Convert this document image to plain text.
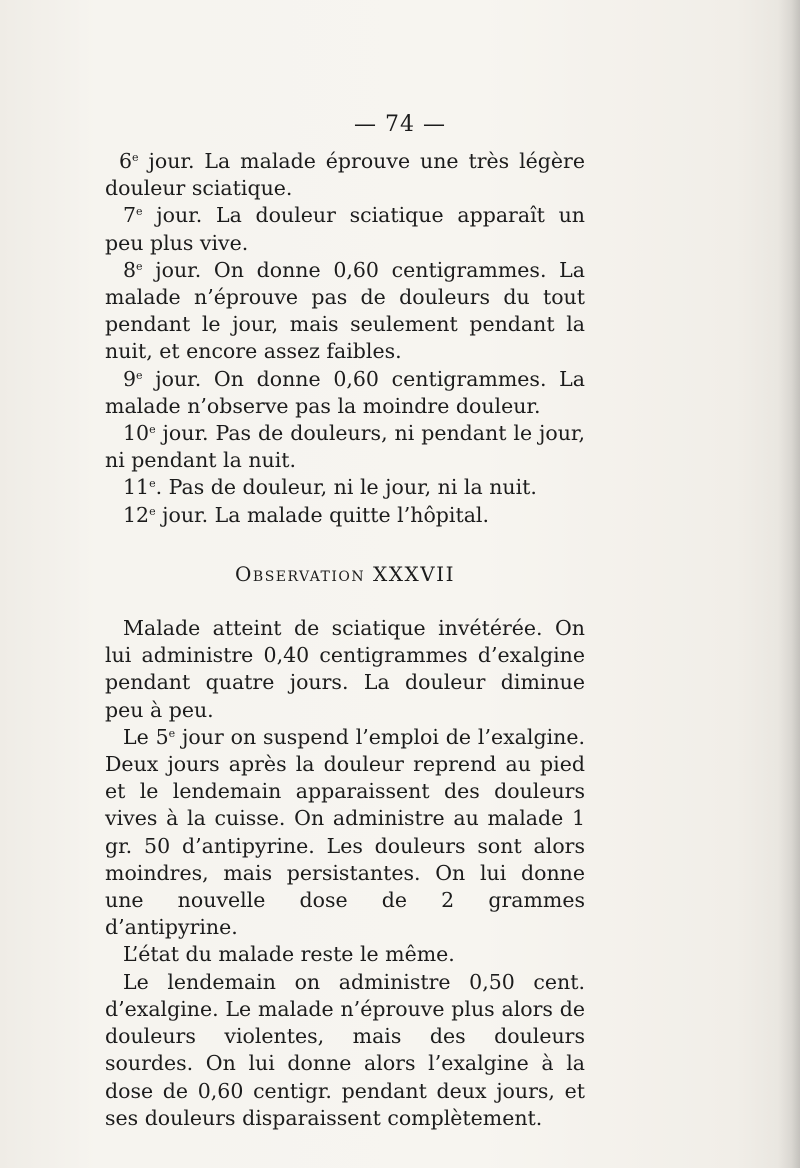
— 74 —

6e jour. La malade éprouve une très légère douleur sciatique.

7e jour. La douleur sciatique apparaît un peu plus vive.

8e jour. On donne 0,60 centigrammes. La malade n’éprouve pas de douleurs du tout pendant le jour, mais seulement pendant la nuit, et encore assez faibles.

9e jour. On donne 0,60 centigrammes. La malade n’observe pas la moindre douleur.

10e jour. Pas de douleurs, ni pendant le jour, ni pendant la nuit.

11e. Pas de douleur, ni le jour, ni la nuit.

12e jour. La malade quitte l’hôpital.

Observation XXXVII

Malade atteint de sciatique invétérée. On lui administre 0,40 centigrammes d’exalgine pendant quatre jours. La douleur diminue peu à peu.

Le 5e jour on suspend l’emploi de l’exalgine. Deux jours après la douleur reprend au pied et le lendemain apparaissent des douleurs vives à la cuisse. On administre au malade 1 gr. 50 d’antipyrine. Les douleurs sont alors moindres, mais persistantes. On lui donne une nouvelle dose de 2 grammes d’antipyrine.

L’état du malade reste le même.

Le lendemain on administre 0,50 cent. d’exalgine. Le malade n’éprouve plus alors de douleurs violentes, mais des douleurs sourdes. On lui donne alors l’exalgine à la dose de 0,60 centigr. pendant deux jours, et ses douleurs disparaissent complètement.
